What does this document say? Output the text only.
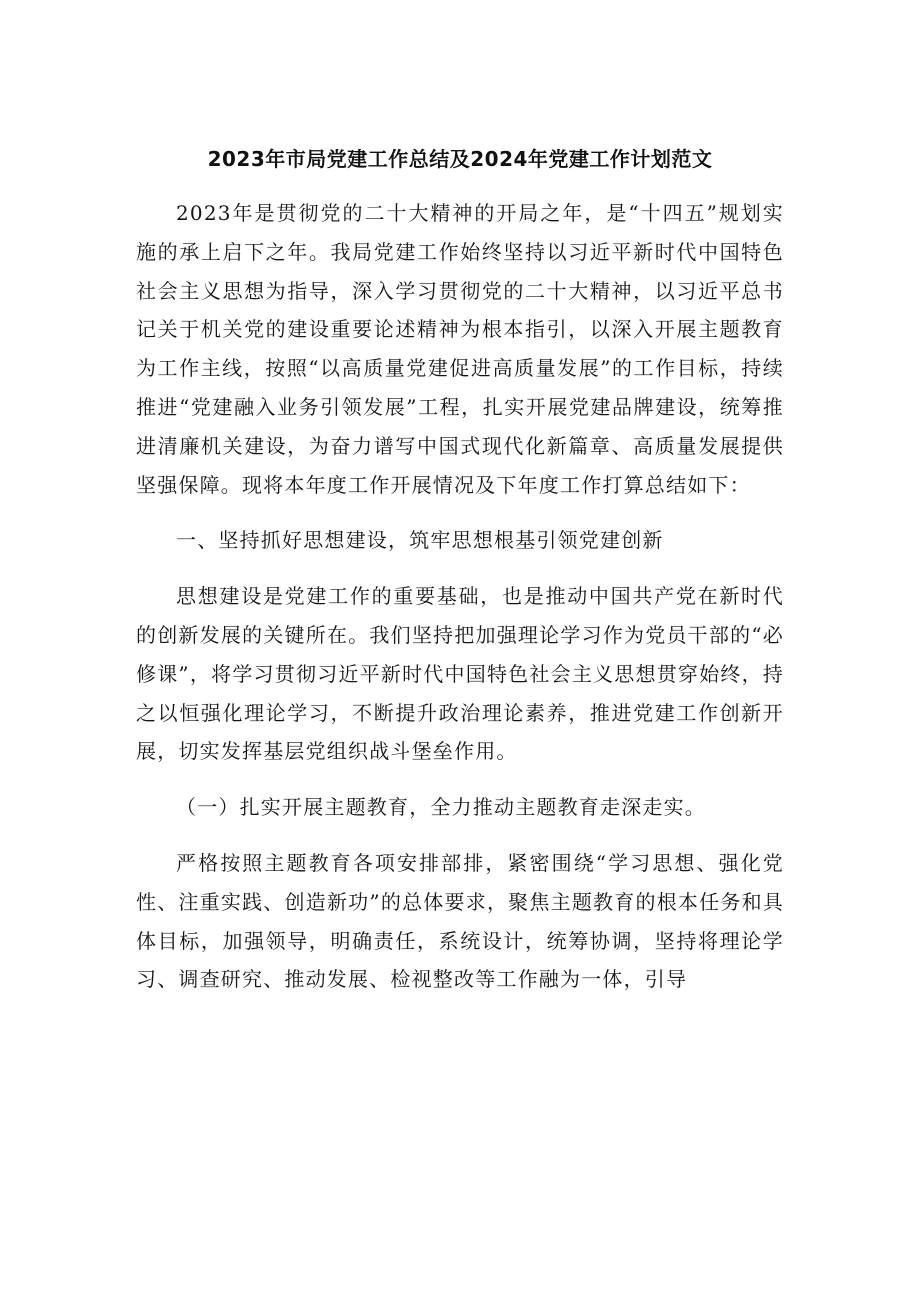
2023年市局党建工作总结及2024年党建工作计划范文

2023年是贯彻党的二十大精神的开局之年，是“十四五”规划实施的承上启下之年。我局党建工作始终坚持以习近平新时代中国特色社会主义思想为指导，深入学习贯彻党的二十大精神，以习近平总书记关于机关党的建设重要论述精神为根本指引，以深入开展主题教育为工作主线，按照“以高质量党建促进高质量发展”的工作目标，持续推进“党建融入业务引领发展”工程，扎实开展党建品牌建设，统筹推进清廉机关建设，为奋力谱写中国式现代化新篇章、高质量发展提供坚强保障。现将本年度工作开展情况及下年度工作打算总结如下：

一、坚持抓好思想建设，筑牢思想根基引领党建创新

思想建设是党建工作的重要基础，也是推动中国共产党在新时代的创新发展的关键所在。我们坚持把加强理论学习作为党员干部的“必修课”，将学习贯彻习近平新时代中国特色社会主义思想贯穿始终，持之以恒强化理论学习，不断提升政治理论素养，推进党建工作创新开展，切实发挥基层党组织战斗堡垒作用。

（一）扎实开展主题教育，全力推动主题教育走深走实。

严格按照主题教育各项安排部排，紧密围绕“学习思想、强化党性、注重实践、创造新功”的总体要求，聚焦主题教育的根本任务和具体目标，加强领导，明确责任，系统设计，统筹协调，坚持将理论学习、调查研究、推动发展、检视整改等工作融为一体，引导
